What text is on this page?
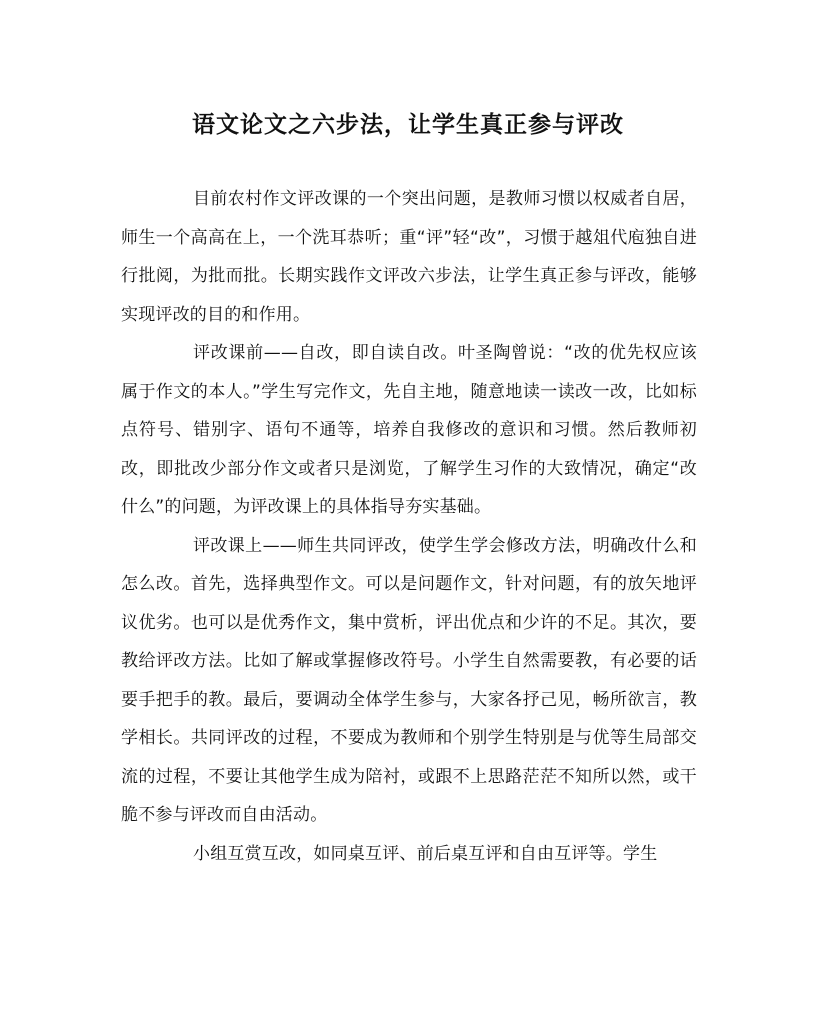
语文论文之六步法，让学生真正参与评改

目前农村作文评改课的一个突出问题，是教师习惯以权威者自居，师生一个高高在上，一个洗耳恭听；重“评”轻“改”，习惯于越俎代庖独自进行批阅，为批而批。长期实践作文评改六步法，让学生真正参与评改，能够实现评改的目的和作用。

评改课前——自改，即自读自改。叶圣陶曾说：“改的优先权应该属于作文的本人。”学生写完作文，先自主地，随意地读一读改一改，比如标点符号、错别字、语句不通等，培养自我修改的意识和习惯。然后教师初改，即批改少部分作文或者只是浏览，了解学生习作的大致情况，确定“改什么”的问题，为评改课上的具体指导夯实基础。

评改课上——师生共同评改，使学生学会修改方法，明确改什么和怎么改。首先，选择典型作文。可以是问题作文，针对问题，有的放矢地评议优劣。也可以是优秀作文，集中赏析，评出优点和少许的不足。其次，要教给评改方法。比如了解或掌握修改符号。小学生自然需要教，有必要的话要手把手的教。最后，要调动全体学生参与，大家各抒己见，畅所欲言，教学相长。共同评改的过程，不要成为教师和个别学生特别是与优等生局部交流的过程，不要让其他学生成为陪衬，或跟不上思路茫茫不知所以然，或干脆不参与评改而自由活动。

小组互赏互改，如同桌互评、前后桌互评和自由互评等。学生
